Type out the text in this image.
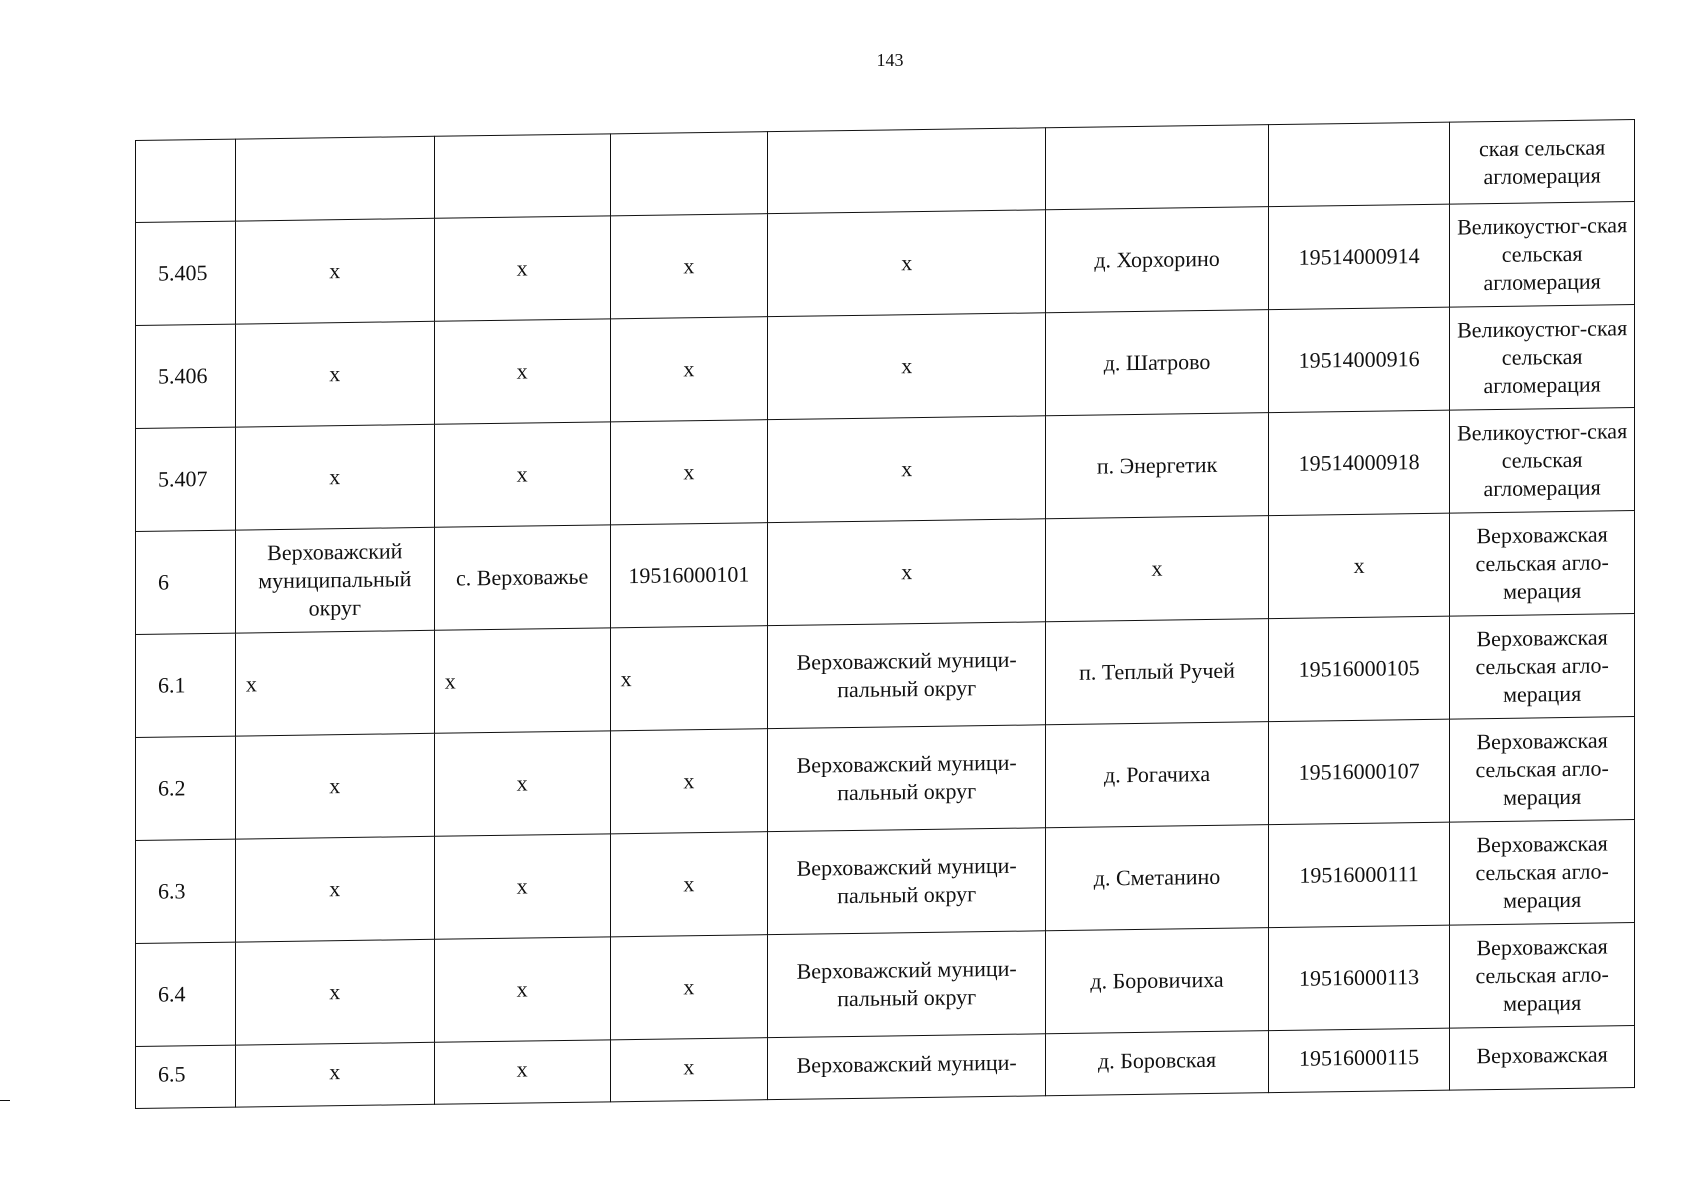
143
							ская сельская агломерация
5.405	х	х	х	х	д. Хорхорино	19514000914	Великоустюг-ская сельская агломерация
5.406	х	х	х	х	д. Шатрово	19514000916	Великоустюг-ская сельская агломерация
5.407	х	х	х	х	п. Энергетик	19514000918	Великоустюг-ская сельская агломерация
6	Верховажский муниципальный округ	с. Верховажье	19516000101	х	х	х	Верховажская сельская агло-мерация
6.1	х	х	х	Верховажский муници-пальный округ	п. Теплый Ручей	19516000105	Верховажская сельская агло-мерация
6.2	х	х	х	Верховажский муници-пальный округ	д. Рогачиха	19516000107	Верховажская сельская агло-мерация
6.3	х	х	х	Верховажский муници-пальный округ	д. Сметанино	19516000111	Верховажская сельская агло-мерация
6.4	х	х	х	Верховажский муници-пальный округ	д. Боровичиха	19516000113	Верховажская сельская агло-мерация
6.5	х	х	х	Верховажский муници-	д. Боровская	19516000115	Верховажская
